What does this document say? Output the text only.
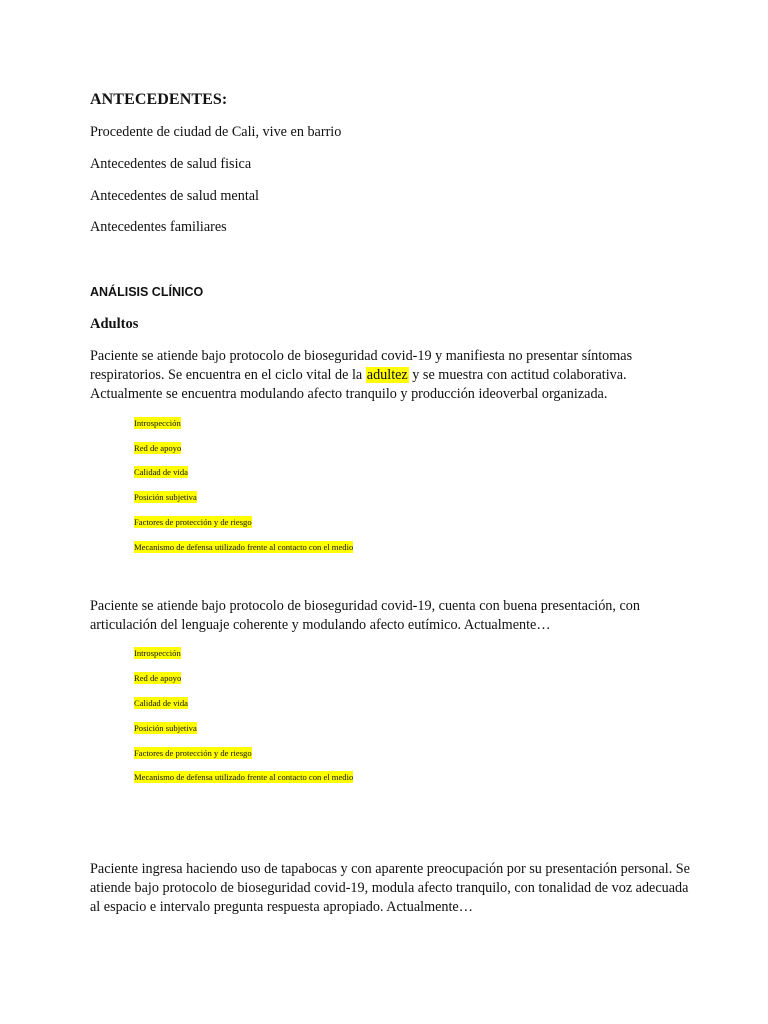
ANTECEDENTES:
Procedente de ciudad de Cali, vive en barrio
Antecedentes de salud fisica
Antecedentes de salud mental
Antecedentes familiares
ANÁLISIS CLÍNICO
Adultos
Paciente se atiende bajo protocolo de bioseguridad covid-19 y manifiesta no presentar síntomas
respiratorios. Se encuentra en el ciclo vital de la adultez y se muestra con actitud colaborativa.
Actualmente se encuentra modulando afecto tranquilo y producción ideoverbal organizada.
Introspección
Red de apoyo
Calidad de vida
Posición subjetiva
Factores de protección y de riesgo
Mecanismo de defensa utilizado frente al contacto con el medio
Paciente se atiende bajo protocolo de bioseguridad covid-19, cuenta con buena presentación, con
articulación del lenguaje coherente y modulando afecto eutímico. Actualmente…
Introspección
Red de apoyo
Calidad de vida
Posición subjetiva
Factores de protección y de riesgo
Mecanismo de defensa utilizado frente al contacto con el medio
Paciente ingresa haciendo uso de tapabocas y con aparente preocupación por su presentación personal. Se
atiende bajo protocolo de bioseguridad covid-19, modula afecto tranquilo, con tonalidad de voz adecuada
al espacio e intervalo pregunta respuesta apropiado. Actualmente…
